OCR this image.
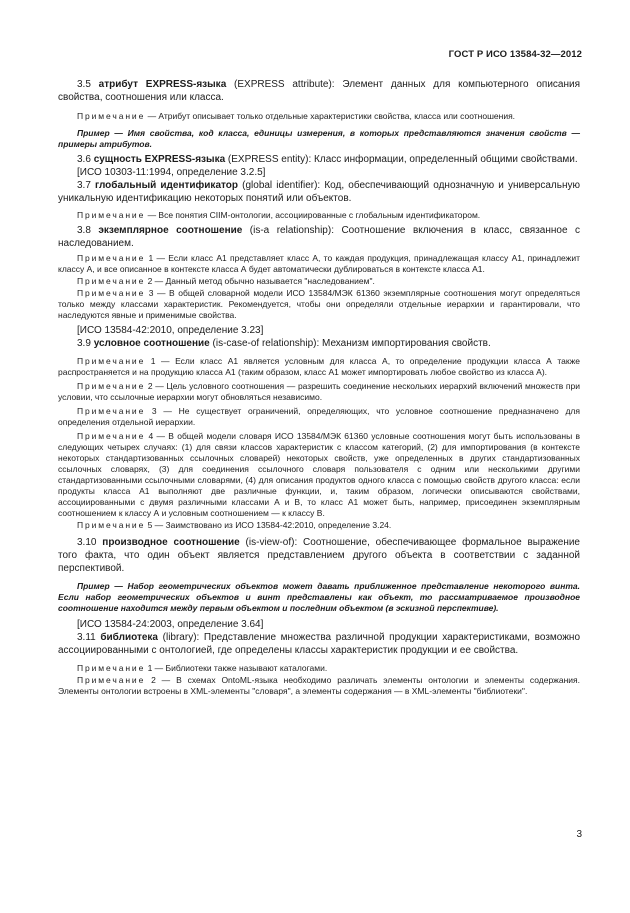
ГОСТ Р ИСО 13584-32—2012

3.5 атрибут EXPRESS-языка (EXPRESS attribute): Элемент данных для компьютерного описания свойства, соотношения или класса.

Примечание — Атрибут описывает только отдельные характеристики свойства, класса или соотношения.

Пример — Имя свойства, код класса, единицы измерения, в которых представляются значения свойств — примеры атрибутов.

3.6 сущность EXPRESS-языка (EXPRESS entity): Класс информации, определенный общими свойствами.

[ИСО 10303-11:1994, определение 3.2.5]

3.7 глобальный идентификатор (global identifier): Код, обеспечивающий однозначную и универсальную уникальную идентификацию некоторых понятий или объектов.

Примечание — Все понятия CIIM-онтологии, ассоциированные с глобальным идентификатором.

3.8 экземплярное соотношение (is-a relationship): Соотношение включения в класс, связанное с наследованием.

Примечание 1 — Если класс А1 представляет класс А, то каждая продукция, принадлежащая классу А1, принадлежит классу А, и все описанное в контексте класса А будет автоматически дублироваться в контексте класса А1.

Примечание 2 — Данный метод обычно называется "наследованием".

Примечание 3 — В общей словарной модели ИСО 13584/МЭК 61360 экземплярные соотношения могут определяться только между классами характеристик. Рекомендуется, чтобы они определяли отдельные иерархии и гарантировали, что наследуются явные и применимые свойства.

[ИСО 13584-42:2010, определение 3.23]

3.9 условное соотношение (is-case-of relationship): Механизм импортирования свойств.

Примечание 1 — Если класс А1 является условным для класса А, то определение продукции класса А также распространяется и на продукцию класса А1 (таким образом, класс А1 может импортировать любое свойство из класса А).

Примечание 2 — Цель условного соотношения — разрешить соединение нескольких иерархий включений множеств при условии, что ссылочные иерархии могут обновляться независимо.

Примечание 3 — Не существует ограничений, определяющих, что условное соотношение предназначено для определения отдельной иерархии.

Примечание 4 — В общей модели словаря ИСО 13584/МЭК 61360 условные соотношения могут быть использованы в следующих четырех случаях: (1) для связи классов характеристик с классом категорий, (2) для импортирования (в контексте некоторых стандартизованных ссылочных словарей) некоторых свойств, уже определенных в других стандартизованных ссылочных словарях, (3) для соединения ссылочного словаря пользователя с одним или несколькими другими стандартизованными ссылочными словарями, (4) для описания продуктов одного класса с помощью свойств другого класса: если продукты класса А1 выполняют две различные функции, и, таким образом, логически описываются свойствами, ассоциированными с двумя различными классами А и В, то класс А1 может быть, например, присоединен экземплярным соотношением к классу А и условным соотношением — к классу В.

Примечание 5 — Заимствовано из ИСО 13584-42:2010, определение 3.24.

3.10 производное соотношение (is-view-of): Соотношение, обеспечивающее формальное выражение того факта, что один объект является представлением другого объекта в соответствии с заданной перспективой.

Пример — Набор геометрических объектов может давать приближенное представление некоторого винта. Если набор геометрических объектов и винт представлены как объект, то рассматриваемое производное соотношение находится между первым объектом и последним объектом (в эскизной перспективе).

[ИСО 13584-24:2003, определение 3.64]

3.11 библиотека (library): Представление множества различной продукции характеристиками, возможно ассоциированными с онтологией, где определены классы характеристик продукции и ее свойства.

Примечание 1 — Библиотеки также называют каталогами.

Примечание 2 — В схемах OntoML-языка необходимо различать элементы онтологии и элементы содержания. Элементы онтологии встроены в XML-элементы "словаря", а элементы содержания — в XML-элементы "библиотеки".

3
